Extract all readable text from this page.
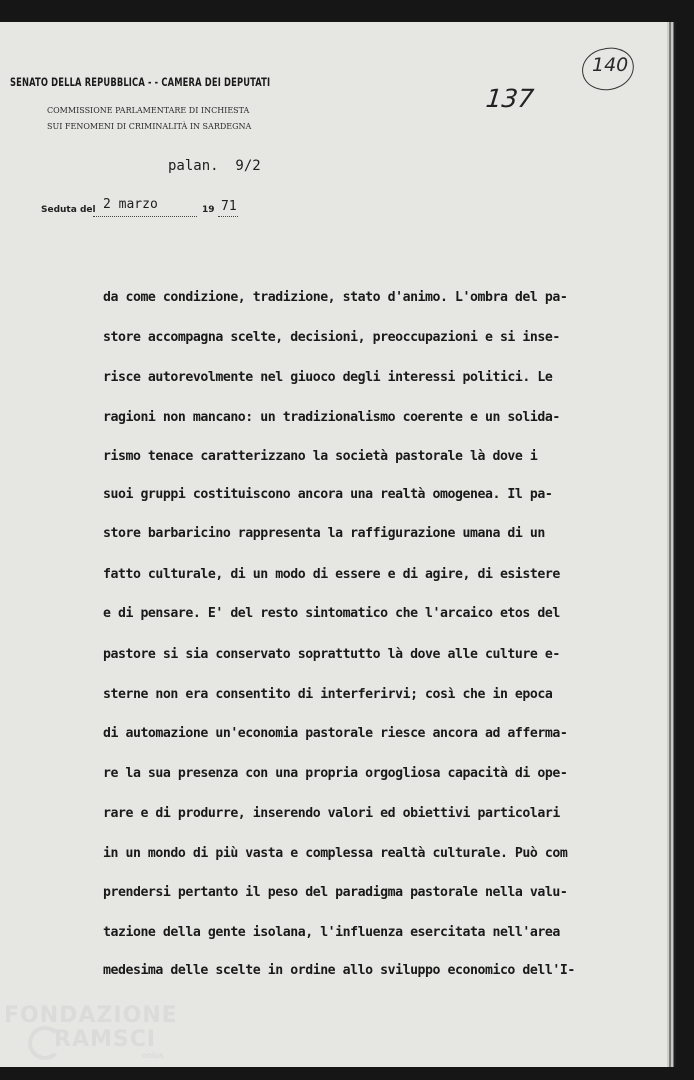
SENATO DELLA REPUBBLICA - - CAMERA DEI DEPUTATI
COMMISSIONE PARLAMENTARE DI INCHIESTA
SUI FENOMENI DI CRIMINALITÀ IN SARDEGNA
137
140
palan.  9/2
Seduta del 2 marzo	19 71
da come condizione, tradizione, stato d'animo. L'ombra del pa-
store accompagna scelte, decisioni, preoccupazioni e si inse-
risce autorevolmente nel giuoco degli interessi politici. Le
ragioni non mancano: un tradizionalismo coerente e un solida-
rismo tenace caratterizzano la società pastorale là dove i
suoi gruppi costituiscono ancora una realtà omogenea. Il pa-
store barbaricino rappresenta la raffigurazione umana di un
fatto culturale, di un modo di essere e di agire, di esistere
e di pensare. E' del resto sintomatico che l'arcaico etos del
pastore si sia conservato soprattutto là dove alle culture e-
sterne non era consentito di interferirvi; così che in epoca
di automazione un'economia pastorale riesce ancora ad afferma-
re la sua presenza con una propria orgogliosa capacità di ope-
rare e di produrre, inserendo valori ed obiettivi particolari
in un mondo di più vasta e complessa realtà culturale. Può com
prendersi pertanto il peso del paradigma pastorale nella valu-
tazione della gente isolana, l'influenza esercitata nell'area
medesima delle scelte in ordine allo sviluppo economico dell'I-
FONDAZIONE
RAMSCI
onlus
